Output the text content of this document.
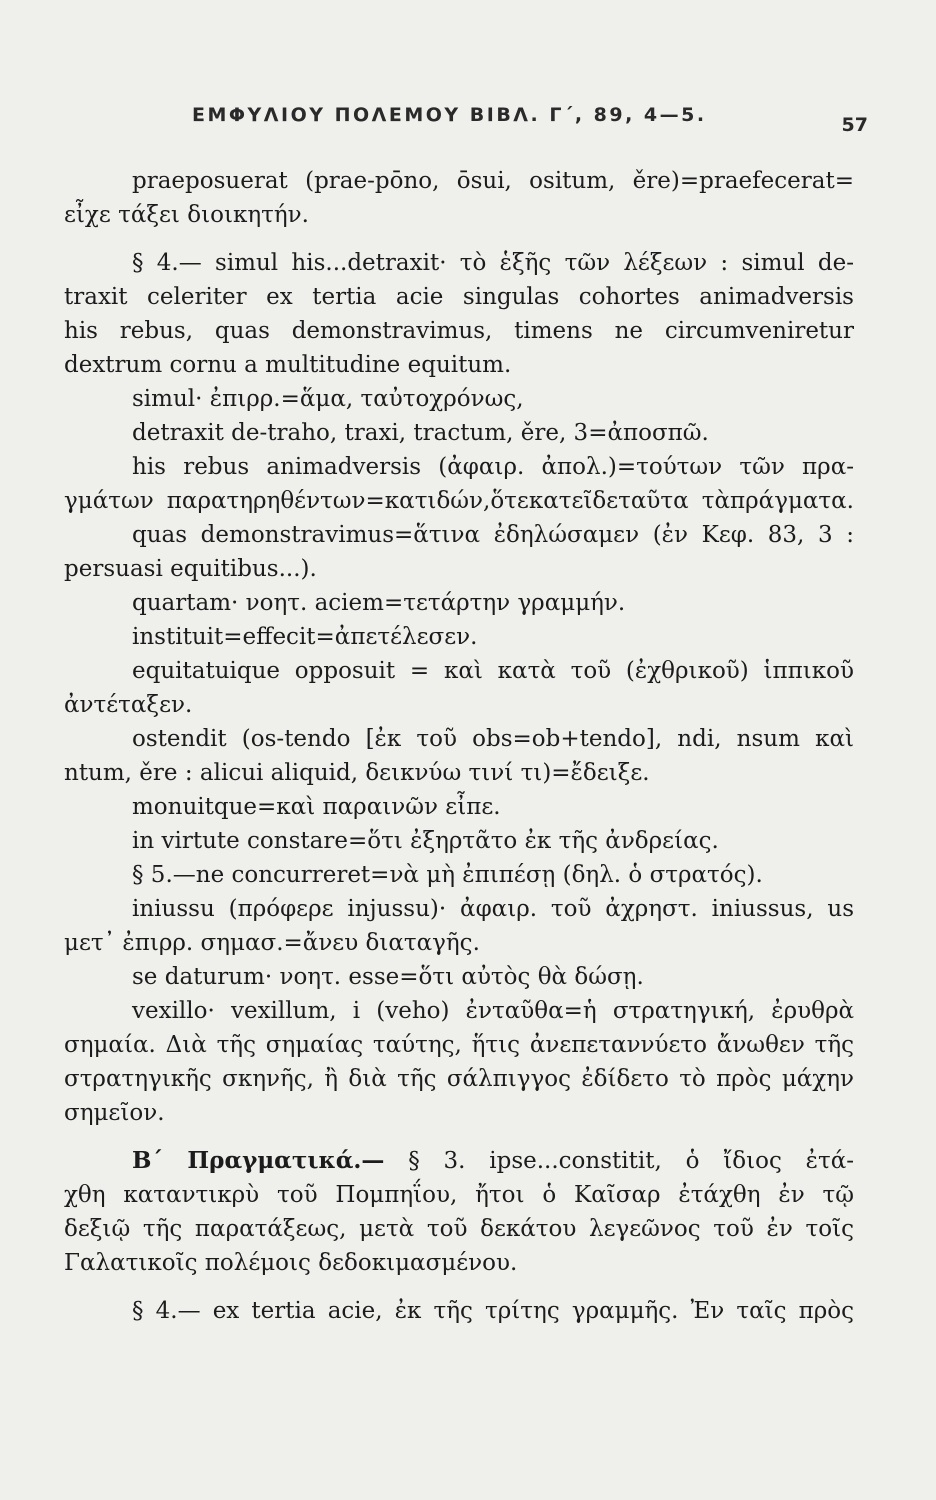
ΕΜΦΥΛΙΟΥ ΠΟΛΕΜΟΥ ΒΙΒΛ. Γ΄, 89, 4—5.	57
praeposuerat (prae-pōno, ōsui, ositum, ěre)=praefecerat=
εἶχε τάξει διοικητήν.
§ 4.— simul his...detraxit· τὸ ἑξῆς τῶν λέξεων : simul de-
traxit celeriter ex tertia acie singulas cohortes animadversis
his rebus, quas demonstravimus, timens ne circumveniretur
dextrum cornu a multitudine equitum.
simul· ἐπιρρ.=ἅμα, ταὐτοχρόνως,
detraxit de-traho, traxi, tractum, ěre, 3=ἀποσπῶ.
his rebus animadversis (ἀφαιρ. ἀπολ.)=τούτων τῶν πρα-
γμάτων παρατηρηθέντων=κατιδών,ὅτεκατεῖδεταῦτα τὰπράγματα.
quas demonstravimus=ἅτινα ἐδηλώσαμεν (ἐν Κεφ. 83, 3 :
persuasi equitibus...).
quartam· νοητ. aciem=τετάρτην γραμμήν.
instituit=effecit=ἀπετέλεσεν.
equitatuique opposuit = καὶ κατὰ τοῦ (ἐχθρικοῦ) ἱππικοῦ
ἀντέταξεν.
ostendit (os-tendo [ἐκ τοῦ obs=ob+tendo], ndi, nsum καὶ
ntum, ěre : alicui aliquid, δεικνύω τινί τι)=ἔδειξε.
monuitque=καὶ παραινῶν εἶπε.
in virtute constare=ὅτι ἐξηρτᾶτο ἐκ τῆς ἀνδρείας.
§ 5.—ne concurreret=νὰ μὴ ἐπιπέσῃ (δηλ. ὁ στρατός).
iniussu (πρόφερε injussu)· ἀφαιρ. τοῦ ἀχρηστ. iniussus, us
μετ᾽ ἐπιρρ. σημασ.=ἄνευ διαταγῆς.
se daturum· νοητ. esse=ὅτι αὐτὸς θὰ δώσῃ.
vexillo· vexillum, i (veho) ἐνταῦθα=ἡ στρατηγική, ἐρυθρὰ
σημαία. Διὰ τῆς σημαίας ταύτης, ἥτις ἀνεπεταννύετο ἄνωθεν τῆς
στρατηγικῆς σκηνῆς, ἢ διὰ τῆς σάλπιγγος ἐδίδετο τὸ πρὸς μάχην
σημεῖον.
Β΄ Πραγματικά.— § 3. ipse...constitit, ὁ ἴδιος ἐτά-
χθη καταντικρὺ τοῦ Πομπηΐου, ἤτοι ὁ Καῖσαρ ἐτάχθη ἐν τῷ
δεξιῷ τῆς παρατάξεως, μετὰ τοῦ δεκάτου λεγεῶνος τοῦ ἐν τοῖς
Γαλατικοῖς πολέμοις δεδοκιμασμένου.
§ 4.— ex tertia acie, ἐκ τῆς τρίτης γραμμῆς. Ἐν ταῖς πρὸς
